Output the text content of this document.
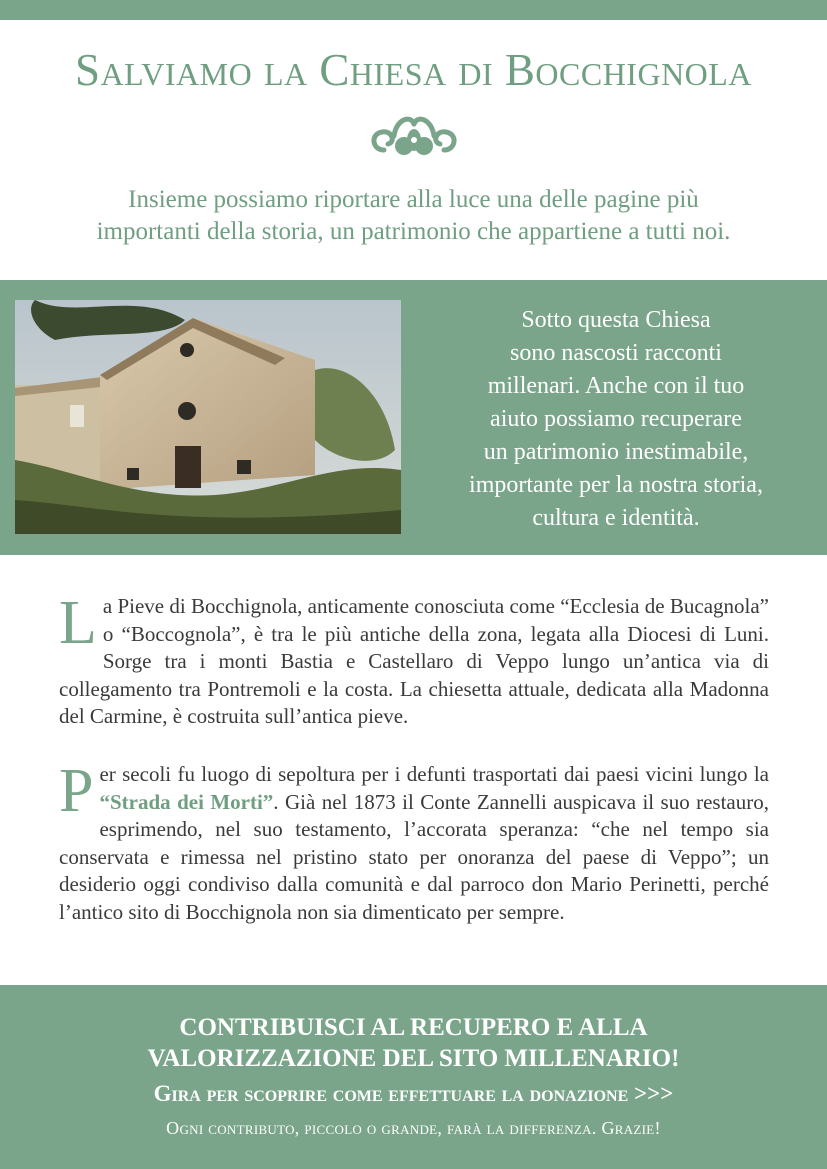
Salviamo la Chiesa di Bocchignola

Insieme possiamo riportare alla luce una delle pagine più
importanti della storia, un patrimonio che appartiene a tutti noi.

Sotto questa Chiesa
sono nascosti racconti
millenari. Anche con il tuo
aiuto possiamo recuperare
un patrimonio inestimabile,
importante per la nostra storia,
cultura e identità.

La Pieve di Bocchignola, anticamente conosciuta come “Ecclesia de Bucagnola” o “Boccognola”, è tra le più antiche della zona, legata alla Diocesi di Luni. Sorge tra i monti Bastia e Castellaro di Veppo lungo un’antica via di collegamento tra Pontremoli e la costa. La chiesetta attuale, dedicata alla Madonna del Carmine, è costruita sull’antica pieve.

Per secoli fu luogo di sepoltura per i defunti trasportati dai paesi vicini lungo la “Strada dei Morti”. Già nel 1873 il Conte Zannelli auspicava il suo restauro, esprimendo, nel suo testamento, l’accorata speranza: “che nel tempo sia conservata e rimessa nel pristino stato per onoranza del paese di Veppo”; un desiderio oggi condiviso dalla comunità e dal parroco don Mario Perinetti, perché l’antico sito di Bocchignola non sia dimenticato per sempre.

CONTRIBUISCI AL RECUPERO E ALLA
VALORIZZAZIONE DEL SITO MILLENARIO!

Gira per scoprire come effettuare la donazione >>>

Ogni contributo, piccolo o grande, farà la differenza. Grazie!
